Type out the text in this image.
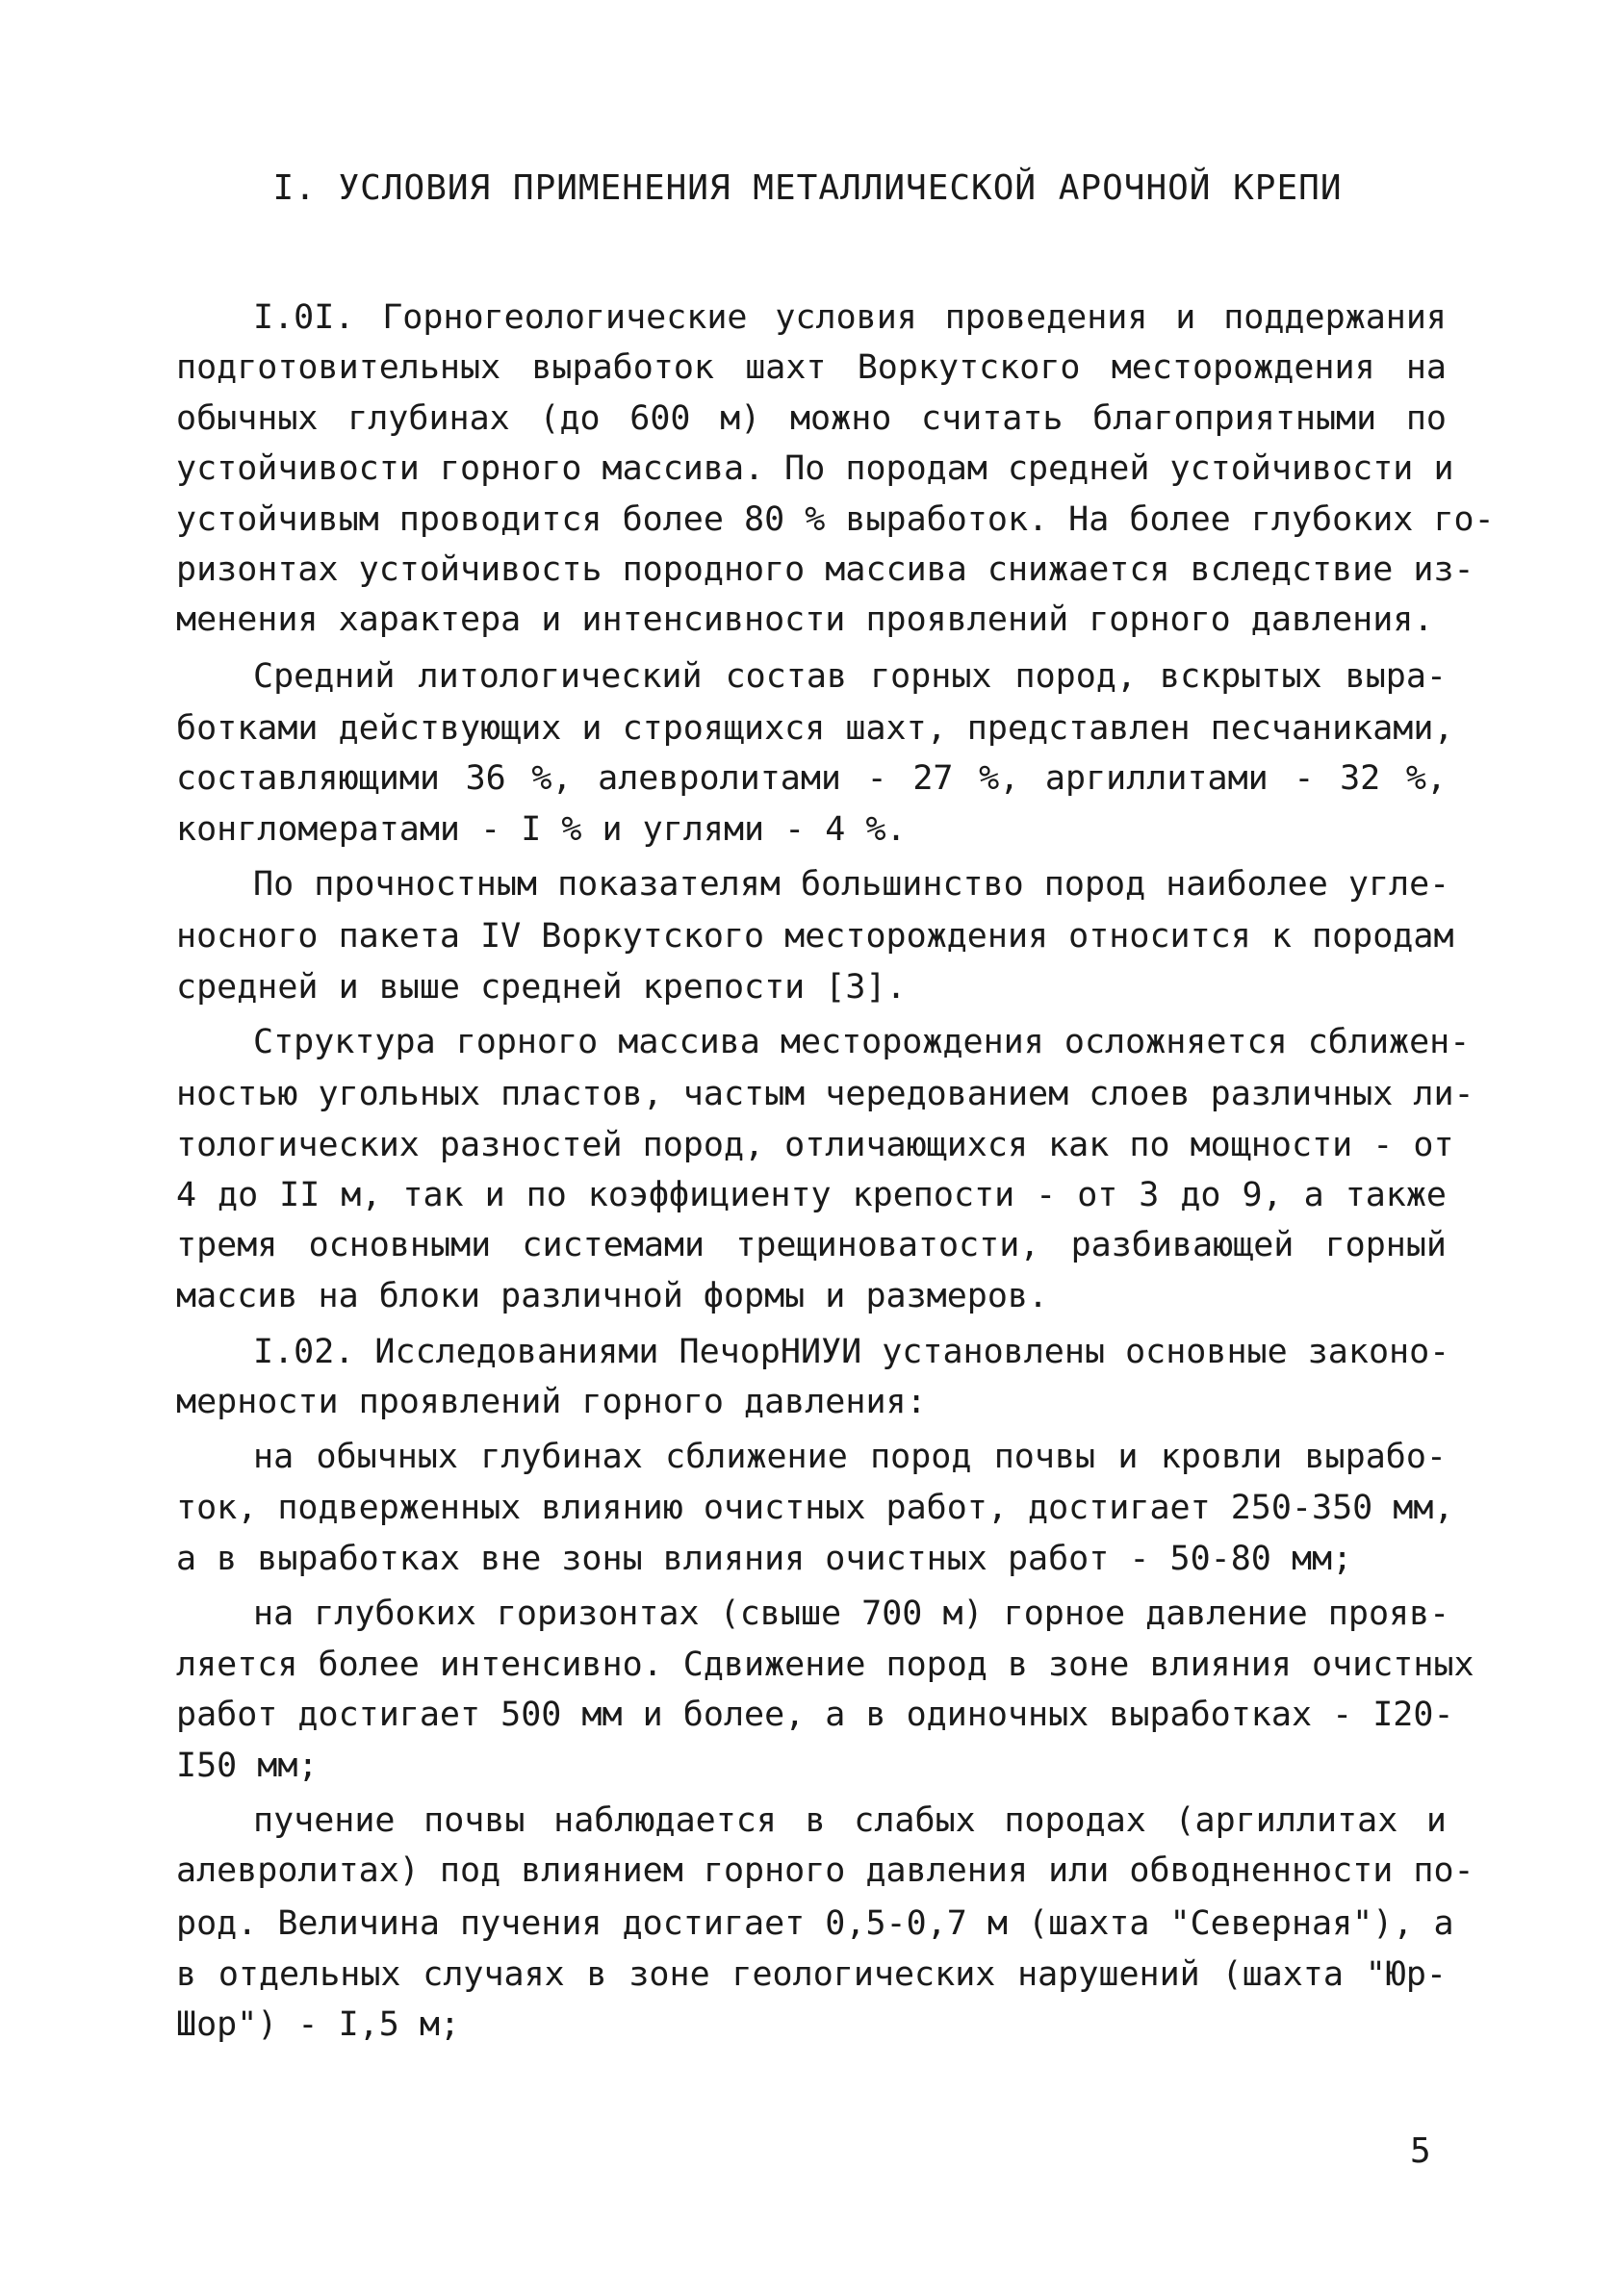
I. УСЛОВИЯ ПРИМЕНЕНИЯ МЕТАЛЛИЧЕСКОЙ АРОЧНОЙ КРЕПИ
I.0I. Горногеологические условия проведения и поддержания
подготовительных выработок шахт Воркутского месторождения на
обычных глубинах (до 600 м) можно считать благоприятными по
устойчивости горного массива. По породам средней устойчивости и
устойчивым проводится более 80 % выработок. На более глубоких го-
ризонтах устойчивость породного массива снижается вследствие из-
менения характера и интенсивности проявлений горного давления.
Средний литологический состав горных пород, вскрытых выра-
ботками действующих и строящихся шахт, представлен песчаниками,
составляющими 36 %, алевролитами - 27 %, аргиллитами - 32 %,
конгломератами - I % и углями - 4 %.
По прочностным показателям большинство пород наиболее угле-
носного пакета IV Воркутского месторождения относится к породам
средней и выше средней крепости [3].
Структура горного массива месторождения осложняется сближен-
ностью угольных пластов, частым чередованием слоев различных ли-
тологических разностей пород, отличающихся как по мощности - от
4 до II м, так и по коэффициенту крепости - от 3 до 9, а также
тремя основными системами трещиноватости, разбивающей горный
массив на блоки различной формы и размеров.
I.02. Исследованиями ПечорНИУИ установлены основные законо-
мерности проявлений горного давления:
на обычных глубинах сближение пород почвы и кровли вырабо-
ток, подверженных влиянию очистных работ, достигает 250-350 мм,
а в выработках вне зоны влияния очистных работ - 50-80 мм;
на глубоких горизонтах (свыше 700 м) горное давление прояв-
ляется более интенсивно. Сдвижение пород в зоне влияния очистных
работ достигает 500 мм и более, а в одиночных выработках - I20-
I50 мм;
пучение почвы наблюдается в слабых породах (аргиллитах и
алевролитах) под влиянием горного давления или обводненности по-
род. Величина пучения достигает 0,5-0,7 м (шахта "Северная"), а
в отдельных случаях в зоне геологических нарушений (шахта "Юр-
Шор") - I,5 м;
5
